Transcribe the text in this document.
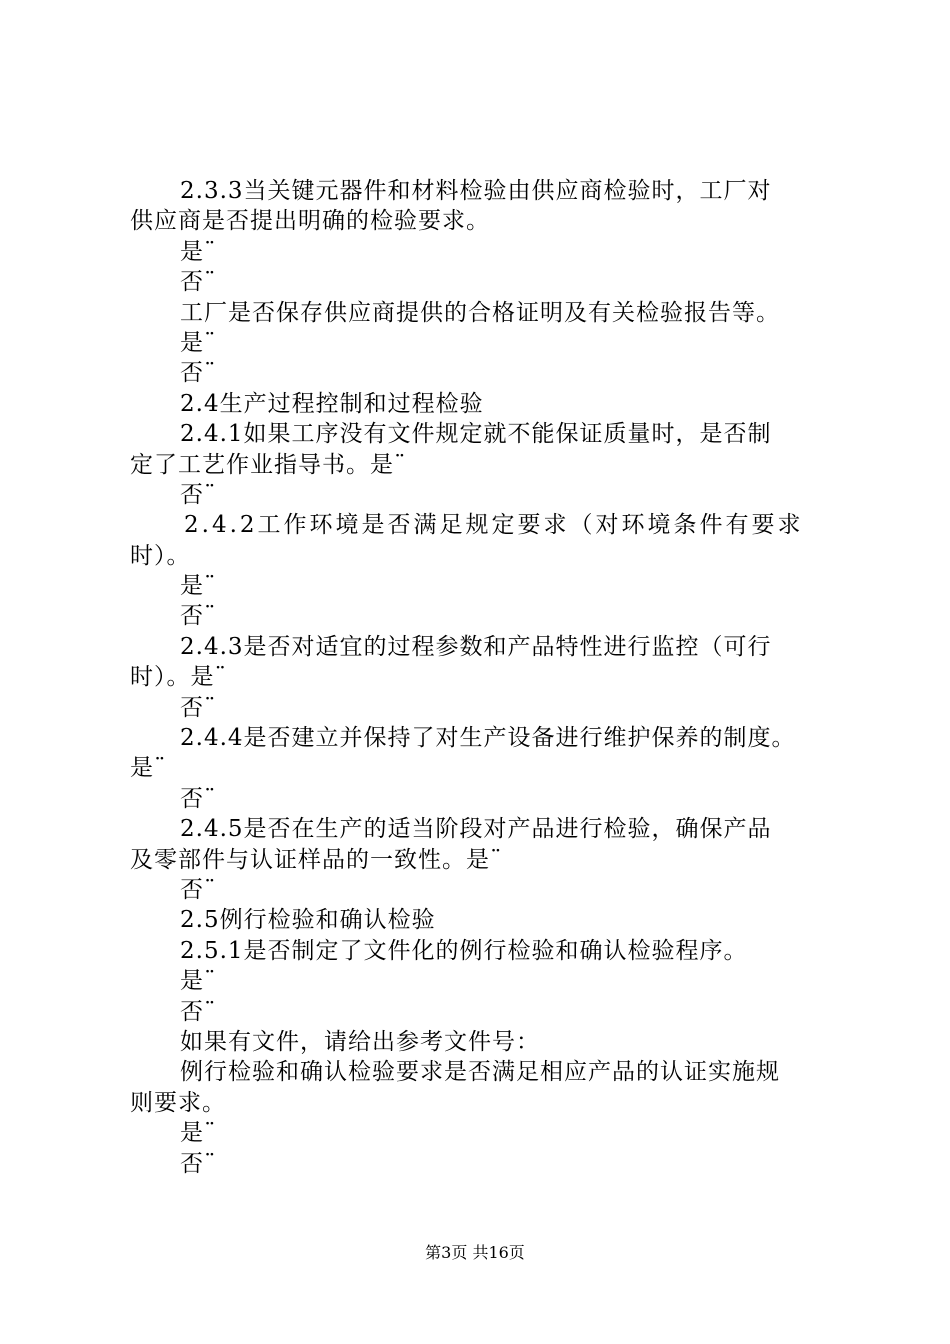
2.3.3当关键元器件和材料检验由供应商检验时，工厂对
供应商是否提出明确的检验要求。
是¨
否¨
工厂是否保存供应商提供的合格证明及有关检验报告等。
是¨
否¨
2.4生产过程控制和过程检验
2.4.1如果工序没有文件规定就不能保证质量时，是否制
定了工艺作业指导书。是¨
否¨
2.4.2工作环境是否满足规定要求（对环境条件有要求
时）。
是¨
否¨
2.4.3是否对适宜的过程参数和产品特性进行监控（可行
时）。是¨
否¨
2.4.4是否建立并保持了对生产设备进行维护保养的制度。
是¨
否¨
2.4.5是否在生产的适当阶段对产品进行检验，确保产品
及零部件与认证样品的一致性。是¨
否¨
2.5例行检验和确认检验
2.5.1是否制定了文件化的例行检验和确认检验程序。
是¨
否¨
如果有文件，请给出参考文件号：
例行检验和确认检验要求是否满足相应产品的认证实施规
则要求。
是¨
否¨
第3页 共16页
